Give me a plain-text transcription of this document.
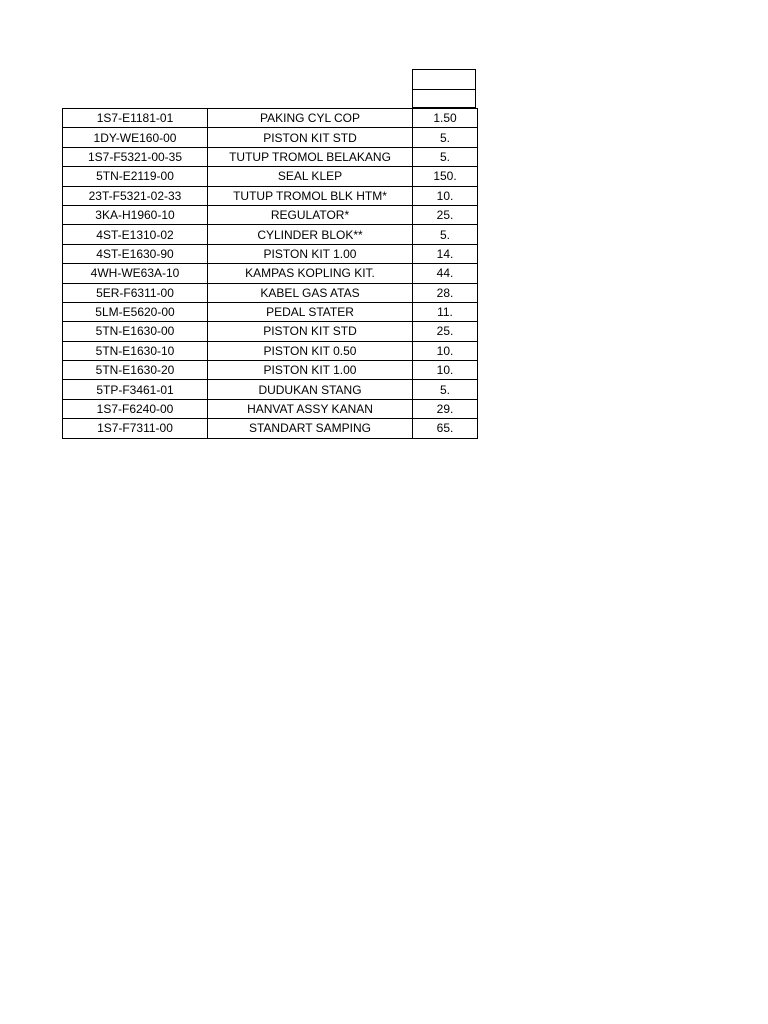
1S7-E1181-01	PAKING CYL COP	1.50
1DY-WE160-00	PISTON KIT STD	5.
1S7-F5321-00-35	TUTUP TROMOL BELAKANG	5.
5TN-E2119-00	SEAL KLEP	150.
23T-F5321-02-33	TUTUP TROMOL BLK HTM*	10.
3KA-H1960-10	REGULATOR*	25.
4ST-E1310-02	CYLINDER BLOK**	5.
4ST-E1630-90	PISTON KIT 1.00	14.
4WH-WE63A-10	KAMPAS KOPLING KIT.	44.
5ER-F6311-00	KABEL GAS ATAS	28.
5LM-E5620-00	PEDAL STATER	11.
5TN-E1630-00	PISTON KIT STD	25.
5TN-E1630-10	PISTON KIT 0.50	10.
5TN-E1630-20	PISTON KIT 1.00	10.
5TP-F3461-01	DUDUKAN STANG	5.
1S7-F6240-00	HANVAT ASSY KANAN	29.
1S7-F7311-00	STANDART SAMPING	65.
